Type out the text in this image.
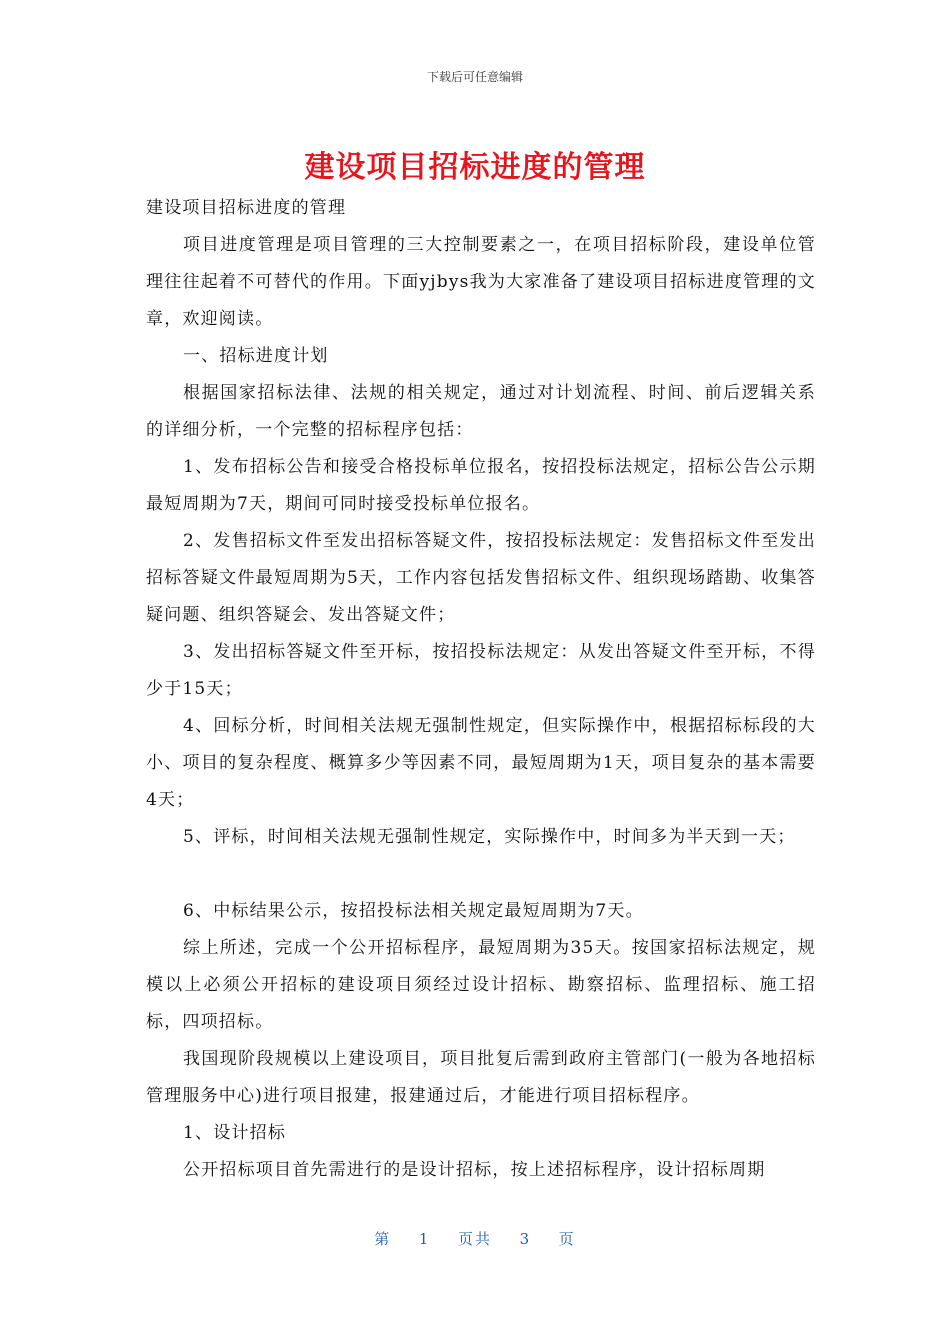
下载后可任意编辑
建设项目招标进度的管理

建设项目招标进度的管理

项目进度管理是项目管理的三大控制要素之一，在项目招标阶段，建设单位管理往往起着不可替代的作用。下面yjbys我为大家准备了建设项目招标进度管理的文章，欢迎阅读。

一、招标进度计划

根据国家招标法律、法规的相关规定，通过对计划流程、时间、前后逻辑关系的详细分析，一个完整的招标程序包括：

1、发布招标公告和接受合格投标单位报名，按招投标法规定，招标公告公示期最短周期为7天，期间可同时接受投标单位报名。

2、发售招标文件至发出招标答疑文件，按招投标法规定：发售招标文件至发出招标答疑文件最短周期为5天，工作内容包括发售招标文件、组织现场踏勘、收集答疑问题、组织答疑会、发出答疑文件；

3、发出招标答疑文件至开标，按招投标法规定：从发出答疑文件至开标，不得少于15天；

4、回标分析，时间相关法规无强制性规定，但实际操作中，根据招标标段的大小、项目的复杂程度、概算多少等因素不同，最短周期为1天，项目复杂的基本需要4天；

5、评标，时间相关法规无强制性规定，实际操作中，时间多为半天到一天；

6、中标结果公示，按招投标法相关规定最短周期为7天。

综上所述，完成一个公开招标程序，最短周期为35天。按国家招标法规定，规模以上必须公开招标的建设项目须经过设计招标、勘察招标、监理招标、施工招标，四项招标。

我国现阶段规模以上建设项目，项目批复后需到政府主管部门(一般为各地招标管理服务中心)进行项目报建，报建通过后，才能进行项目招标程序。

1、设计招标

公开招标项目首先需进行的是设计招标，按上述招标程序，设计招标周期

第 1 页共 3 页
